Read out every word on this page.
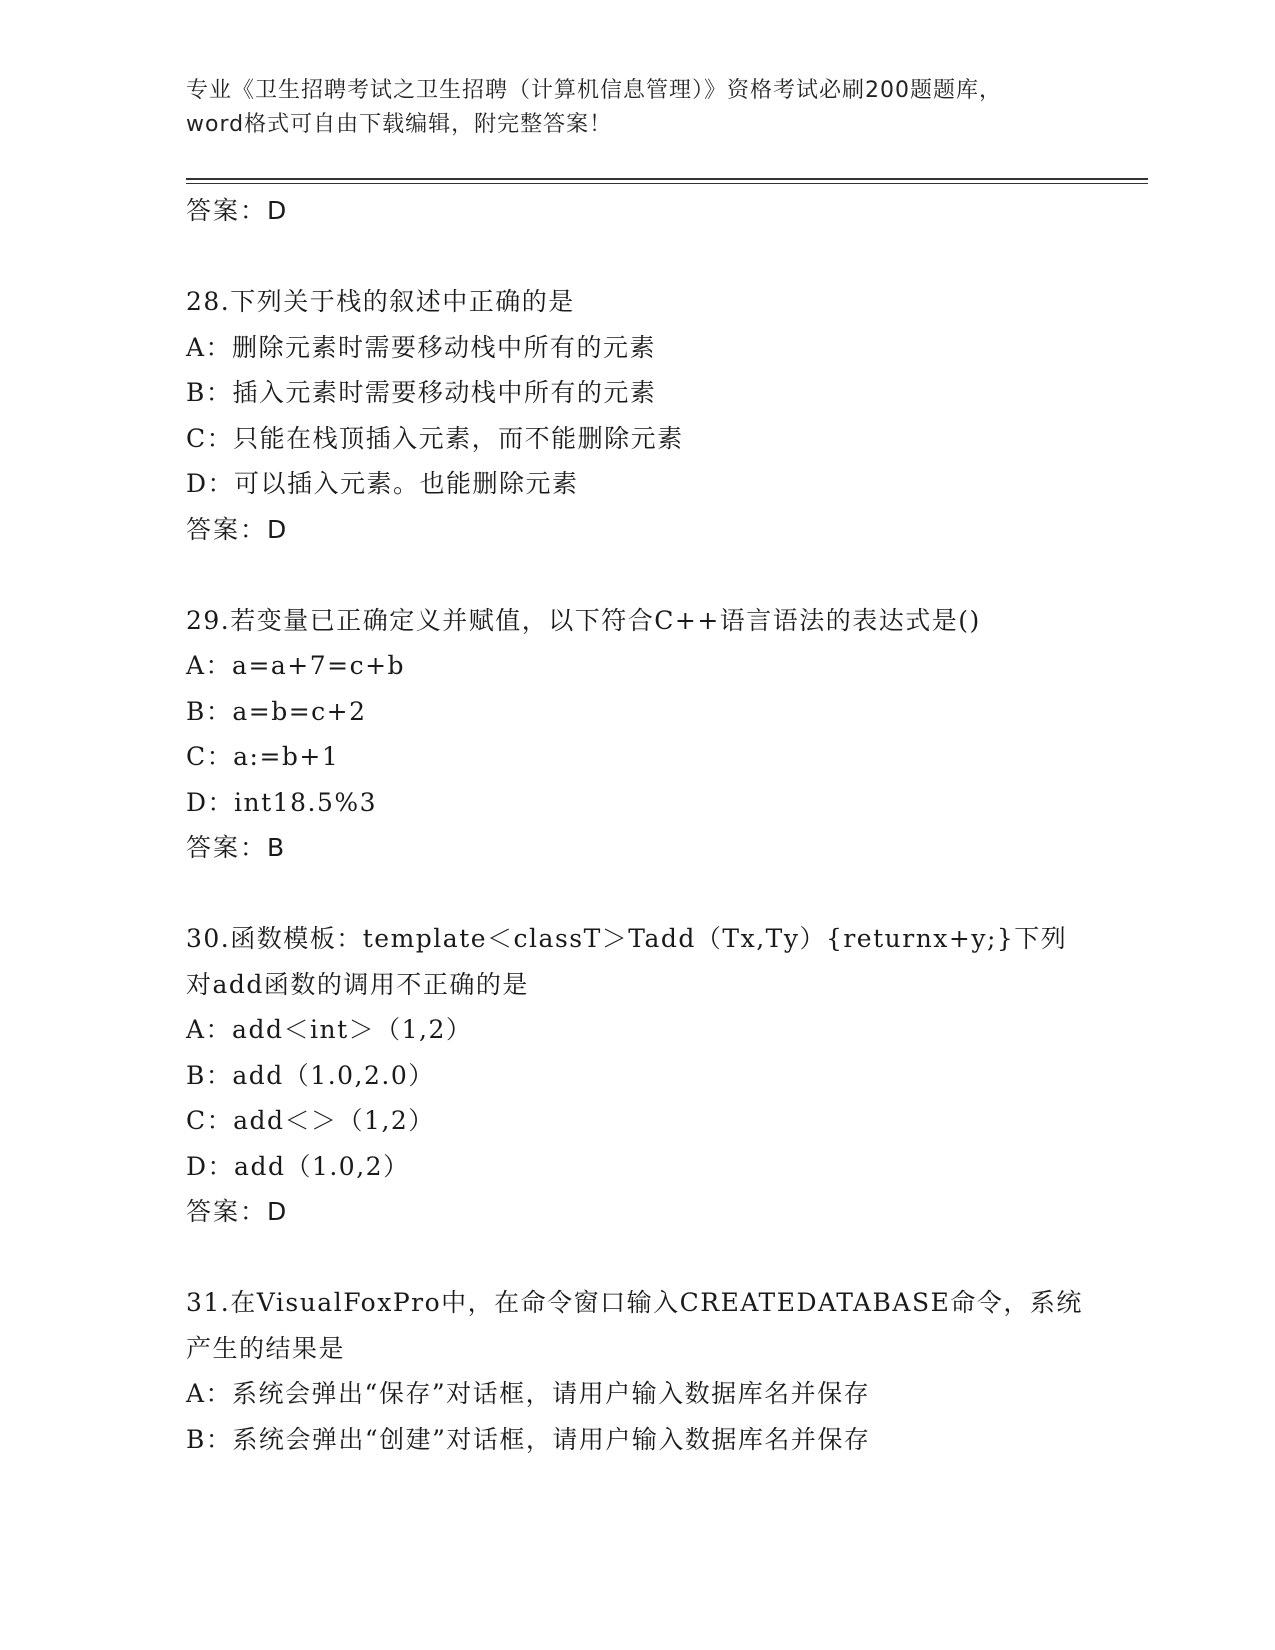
专业《卫生招聘考试之卫生招聘（计算机信息管理）》资格考试必刷200题题库，
word格式可自由下载编辑，附完整答案！
答案：D
28.下列关于栈的叙述中正确的是
A：删除元素时需要移动栈中所有的元素
B：插入元素时需要移动栈中所有的元素
C：只能在栈顶插入元素，而不能删除元素
D：可以插入元素。也能删除元素
答案：D
29.若变量已正确定义并赋值，以下符合C++语言语法的表达式是()
A：a=a+7=c+b
B：a=b=c+2
C：a:=b+1
D：int18.5%3
答案：B
30.函数模板：template＜classT＞Tadd（Tx,Ty）{returnx+y;}下列
对add函数的调用不正确的是
A：add＜int＞（1,2）
B：add（1.0,2.0）
C：add＜＞（1,2）
D：add（1.0,2）
答案：D
31.在VisualFoxPro中，在命令窗口输入CREATEDATABASE命令，系统
产生的结果是
A：系统会弹出“保存”对话框，请用户输入数据库名并保存
B：系统会弹出“创建”对话框，请用户输入数据库名并保存
